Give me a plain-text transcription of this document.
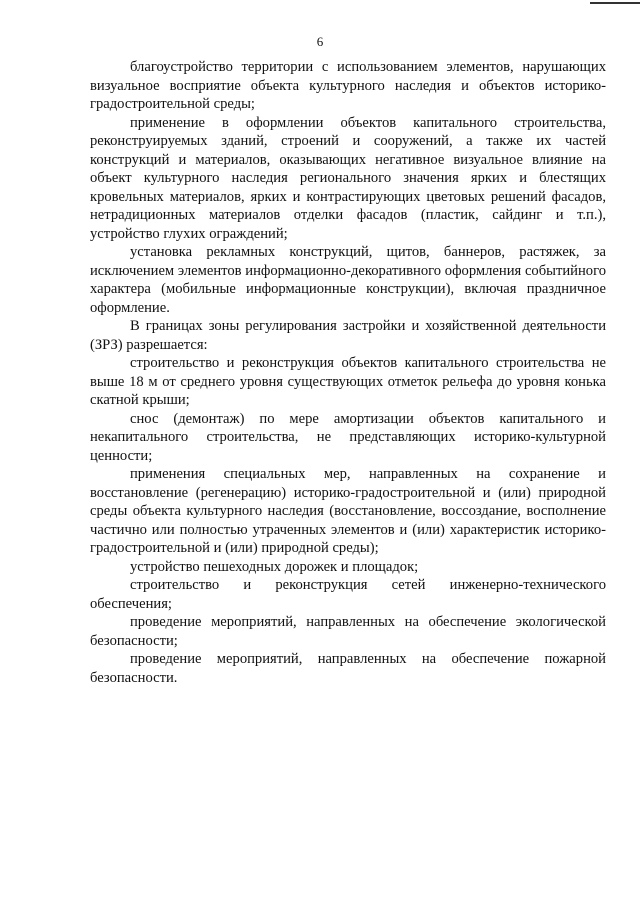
6

благоустройство территории с использованием элементов, нарушающих визуальное восприятие объекта культурного наследия и объектов историко-градостроительной среды;

применение в оформлении объектов капитального строительства, реконструируемых зданий, строений и сооружений, а также их частей конструкций и материалов, оказывающих негативное визуальное влияние на объект культурного наследия регионального значения ярких и блестящих кровельных материалов, ярких и контрастирующих цветовых решений фасадов, нетрадиционных материалов отделки фасадов (пластик, сайдинг и т.п.), устройство глухих ограждений;

установка рекламных конструкций, щитов, баннеров, растяжек, за исключением элементов информационно-декоративного оформления событийного характера (мобильные информационные конструкции), включая праздничное оформление.

В границах зоны регулирования застройки и хозяйственной деятельности (ЗРЗ) разрешается:

строительство и реконструкция объектов капитального строительства не выше 18 м от среднего уровня существующих отметок рельефа до уровня конька скатной крыши;

снос (демонтаж) по мере амортизации объектов капитального и некапитального строительства, не представляющих историко-культурной ценности;

применения специальных мер, направленных на сохранение и восстановление (регенерацию) историко-градостроительной и (или) природной среды объекта культурного наследия (восстановление, воссоздание, восполнение частично или полностью утраченных элементов и (или) характеристик историко-градостроительной и (или) природной среды);

устройство пешеходных дорожек и площадок;

строительство и реконструкция сетей инженерно-технического обеспечения;

проведение мероприятий, направленных на обеспечение экологической безопасности;

проведение мероприятий, направленных на обеспечение пожарной безопасности.
